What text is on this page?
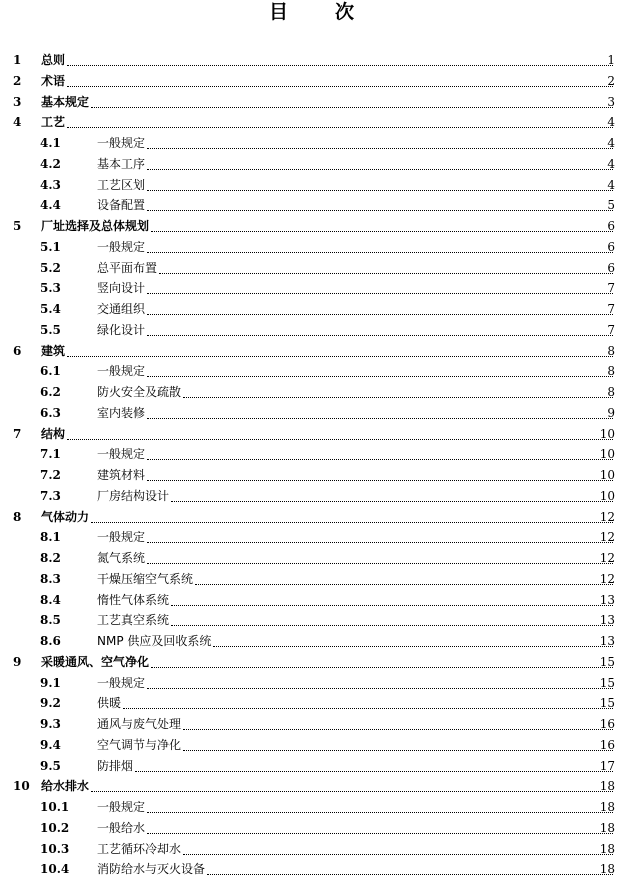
目　次
1 总则	1
2 术语	2
3 基本规定	3
4 工艺	4
4.1	一般规定	4
4.2	基本工序	4
4.3	工艺区划	4
4.4	设备配置	5
5 厂址选择及总体规划	6
5.1	一般规定	6
5.2	总平面布置	6
5.3	竖向设计	7
5.4	交通组织	7
5.5	绿化设计	7
6 建筑	8
6.1	一般规定	8
6.2	防火安全及疏散	8
6.3	室内装修	9
7 结构	10
7.1	一般规定	10
7.2	建筑材料	10
7.3	厂房结构设计	10
8 气体动力	12
8.1	一般规定	12
8.2	氮气系统	12
8.3	干燥压缩空气系统	12
8.4	惰性气体系统	13
8.5	工艺真空系统	13
8.6	NMP 供应及回收系统	13
9 采暖通风、空气净化	15
9.1	一般规定	15
9.2	供暖	15
9.3	通风与废气处理	16
9.4	空气调节与净化	16
9.5	防排烟	17
10 给水排水	18
10.1 一般规定	18
10.2 一般给水	18
10.3 工艺循环冷却水	18
10.4 消防给水与灭火设备	18
